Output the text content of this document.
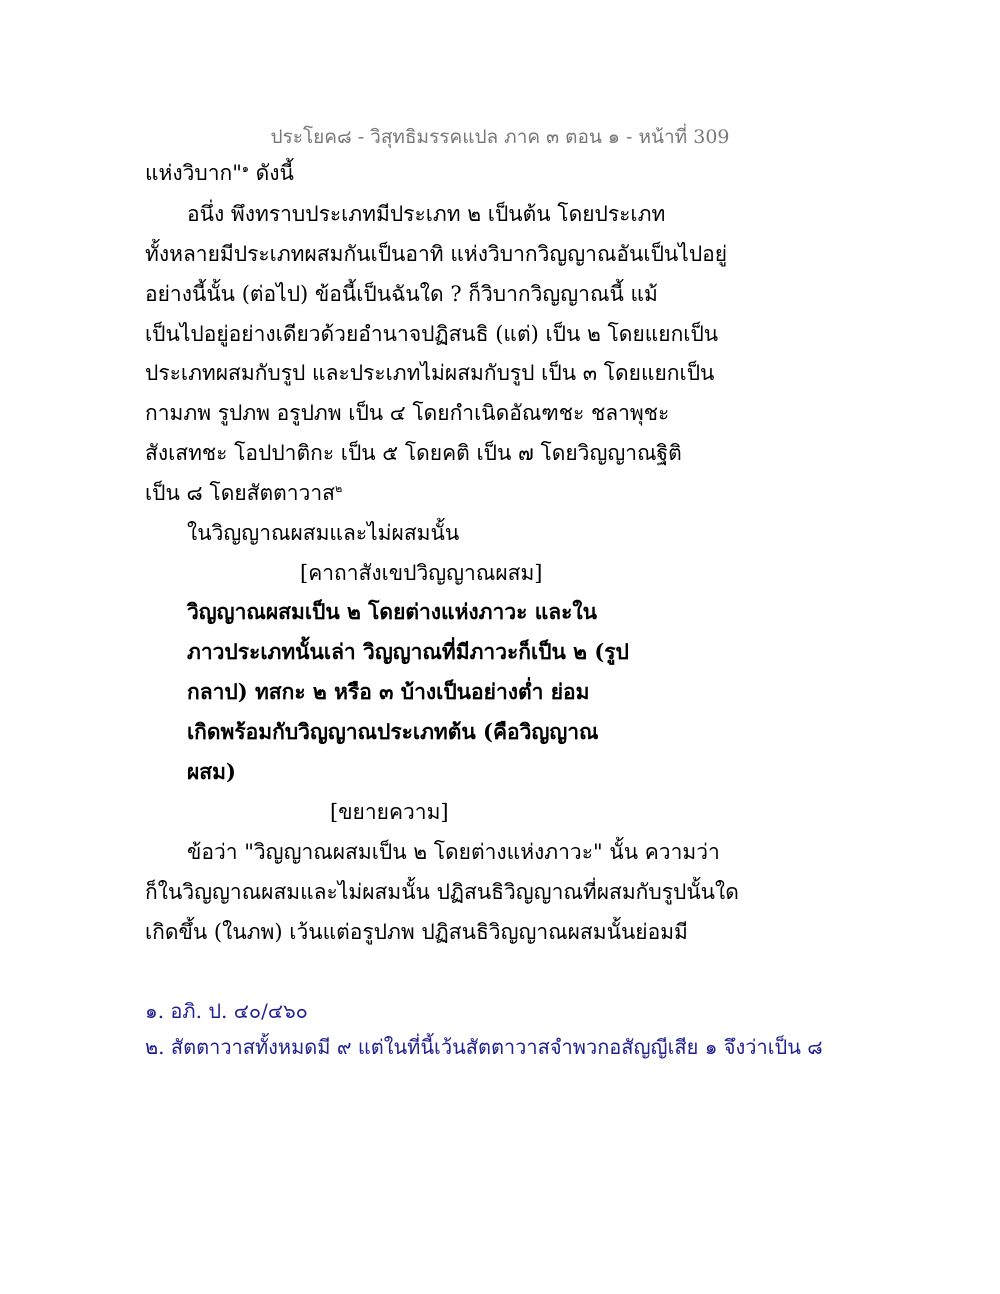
ประโยค๘ - วิสุทธิมรรคแปล ภาค ๓ ตอน ๑ - หน้าที่ 309
แห่งวิบาก"$^๑$ ดังนี้
อนึ่ง พึงทราบประเภทมีประเภท ๒ เป็นต้น โดยประเภท
ทั้งหลายมีประเภทผสมกันเป็นอาทิ แห่งวิบากวิญญาณอันเป็นไปอยู่
อย่างนี้นั้น (ต่อไป) ข้อนี้เป็นฉันใด ? ก็วิบากวิญญาณนี้ แม้
เป็นไปอยู่อย่างเดียวด้วยอำนาจปฏิสนธิ (แต่) เป็น ๒ โดยแยกเป็น
ประเภทผสมกับรูป และประเภทไม่ผสมกับรูป เป็น ๓ โดยแยกเป็น
กามภพ รูปภพ อรูปภพ เป็น ๔ โดยกำเนิดอัณฑชะ ชลาพุชะ
สังเสทชะ โอปปาติกะ เป็น ๕ โดยคติ เป็น ๗ โดยวิญญาณฐิติ
เป็น ๘ โดยสัตตาวาส$^๒$
ในวิญญาณผสมและไม่ผสมนั้น
[คาถาสังเขปวิญญาณผสม]
วิญญาณผสมเป็น ๒ โดยต่างแห่งภาวะ และใน
ภาวประเภทนั้นเล่า วิญญาณที่มีภาวะก็เป็น ๒ (รูป
กลาป) ทสกะ ๒ หรือ ๓ บ้างเป็นอย่างต่ำ ย่อม
เกิดพร้อมกับวิญญาณประเภทต้น (คือวิญญาณ
ผสม)
[ขยายความ]
ข้อว่า "วิญญาณผสมเป็น ๒ โดยต่างแห่งภาวะ" นั้น ความว่า
ก็ในวิญญาณผสมและไม่ผสมนั้น ปฏิสนธิวิญญาณที่ผสมกับรูปนั้นใด
เกิดขึ้น (ในภพ) เว้นแต่อรูปภพ ปฏิสนธิวิญญาณผสมนั้นย่อมมี
๑. อภิ. ป. ๔๐/๔๖๐
๒. สัตตาวาสทั้งหมดมี ๙ แต่ในที่นี้เว้นสัตตาวาสจำพวกอสัญญีเสีย ๑ จึงว่าเป็น ๘
